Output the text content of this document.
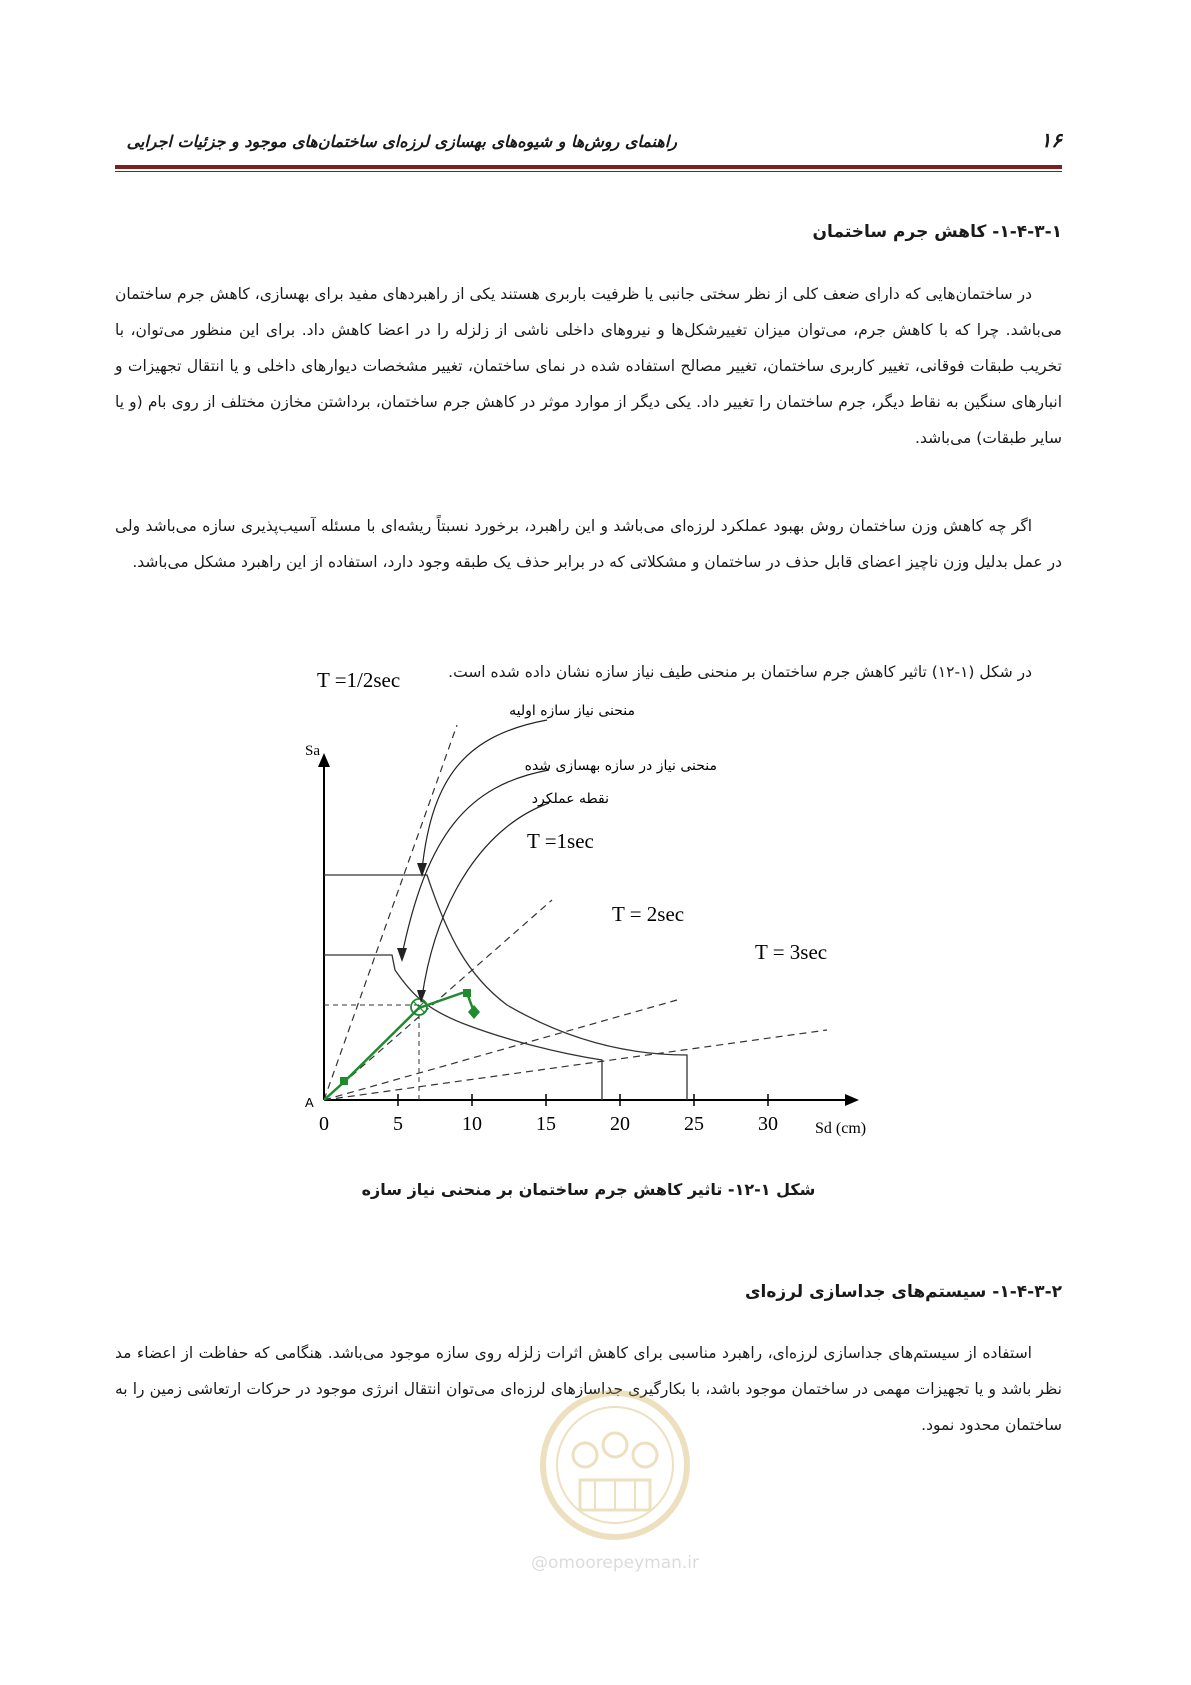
راهنمای روش‌ها و شیوه‌های بهسازی لرزه‌ای ساختمان‌های موجود و جزئیات اجرایی	۱۶
۱-۴-۳-۱- کاهش جرم ساختمان

در ساختمان‌هایی که دارای ضعف کلی از نظر سختی جانبی یا ظرفیت باربری هستند یکی از راهبردهای مفید برای بهسازی، کاهش جرم ساختمان می‌باشد. چرا که با کاهش جرم، می‌توان میزان تغییرشکل‌ها و نیروهای داخلی ناشی از زلزله را در اعضا کاهش داد. برای این منظور می‌توان، با تخریب طبقات فوقانی، تغییر کاربری ساختمان، تغییر مصالح استفاده شده در نمای ساختمان، تغییر مشخصات دیوارهای داخلی و یا انتقال تجهیزات و انبارهای سنگین به نقاط دیگر، جرم ساختمان را تغییر داد. یکی دیگر از موارد موثر در کاهش جرم ساختمان، برداشتن مخازن مختلف از روی بام (و یا سایر طبقات) می‌باشد.

اگر چه کاهش وزن ساختمان روش بهبود عملکرد لرزه‌ای می‌باشد و این راهبرد، برخورد نسبتاً ریشه‌ای با مسئله آسیب‌پذیری سازه می‌باشد ولی در عمل بدلیل وزن ناچیز اعضای قابل حذف در ساختمان و مشکلاتی که در برابر حذف یک طبقه وجود دارد، استفاده از این راهبرد مشکل می‌باشد.

در شکل (۱-۱۲) تاثیر کاهش جرم ساختمان بر منحنی طیف نیاز سازه نشان داده شده است.

0	5	10	15	20	25	30
Sa
Sd (cm)
A
منحنی نیاز سازه اولیه
منحنی نیاز در سازه بهسازی شده
نقطه عملکرد
T =1/2sec
T =1sec
T = 2sec
T = 3sec
شکل ۱-۱۲- تاثیر کاهش جرم ساختمان بر منحنی نیاز سازه
۱-۴-۳-۲- سیستم‌های جداسازی لرزه‌ای

استفاده از سیستم‌های جداسازی لرزه‌ای، راهبرد مناسبی برای کاهش اثرات زلزله روی سازه موجود می‌باشد. هنگامی که حفاظت از اعضاء مد نظر باشد و یا تجهیزات مهمی در ساختمان موجود باشد، با بکارگیری جداسازهای لرزه‌ای می‌توان انتقال انرژی موجود در حرکات ارتعاشی زمین را به ساختمان محدود نمود.

@omoorepeyman.ir
